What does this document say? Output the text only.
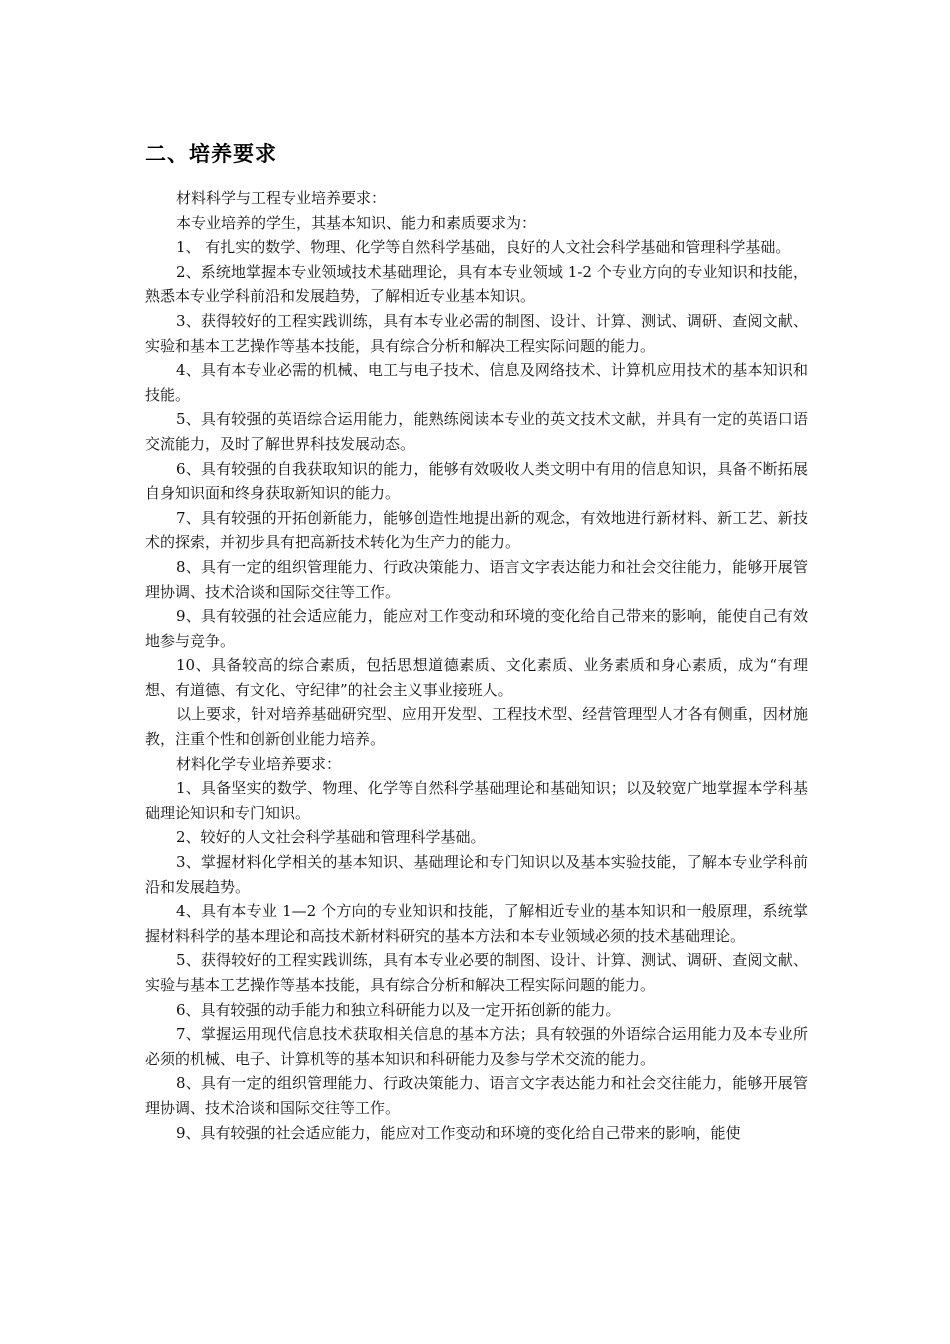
二、培养要求

材料科学与工程专业培养要求：

本专业培养的学生，其基本知识、能力和素质要求为：

1、 有扎实的数学、物理、化学等自然科学基础，良好的人文社会科学基础和管理科学基础。

2、系统地掌握本专业领域技术基础理论，具有本专业领域 1-2 个专业方向的专业知识和技能，熟悉本专业学科前沿和发展趋势，了解相近专业基本知识。

3、获得较好的工程实践训练，具有本专业必需的制图、设计、计算、测试、调研、查阅文献、实验和基本工艺操作等基本技能，具有综合分析和解决工程实际问题的能力。

4、具有本专业必需的机械、电工与电子技术、信息及网络技术、计算机应用技术的基本知识和技能。

5、具有较强的英语综合运用能力，能熟练阅读本专业的英文技术文献，并具有一定的英语口语交流能力，及时了解世界科技发展动态。

6、具有较强的自我获取知识的能力，能够有效吸收人类文明中有用的信息知识，具备不断拓展自身知识面和终身获取新知识的能力。

7、具有较强的开拓创新能力，能够创造性地提出新的观念，有效地进行新材料、新工艺、新技术的探索，并初步具有把高新技术转化为生产力的能力。

8、具有一定的组织管理能力、行政决策能力、语言文字表达能力和社会交往能力，能够开展管理协调、技术洽谈和国际交往等工作。

9、具有较强的社会适应能力，能应对工作变动和环境的变化给自己带来的影响，能使自己有效地参与竞争。

10、具备较高的综合素质，包括思想道德素质、文化素质、业务素质和身心素质，成为“有理想、有道德、有文化、守纪律”的社会主义事业接班人。

以上要求，针对培养基础研究型、应用开发型、工程技术型、经营管理型人才各有侧重，因材施教，注重个性和创新创业能力培养。

材料化学专业培养要求：

1、具备坚实的数学、物理、化学等自然科学基础理论和基础知识；以及较宽广地掌握本学科基础理论知识和专门知识。

2、较好的人文社会科学基础和管理科学基础。

3、掌握材料化学相关的基本知识、基础理论和专门知识以及基本实验技能，了解本专业学科前沿和发展趋势。

4、具有本专业 1—2 个方向的专业知识和技能，了解相近专业的基本知识和一般原理，系统掌握材料科学的基本理论和高技术新材料研究的基本方法和本专业领域必须的技术基础理论。

5、获得较好的工程实践训练，具有本专业必要的制图、设计、计算、测试、调研、查阅文献、实验与基本工艺操作等基本技能，具有综合分析和解决工程实际问题的能力。

6、具有较强的动手能力和独立科研能力以及一定开拓创新的能力。

7、掌握运用现代信息技术获取相关信息的基本方法；具有较强的外语综合运用能力及本专业所必须的机械、电子、计算机等的基本知识和科研能力及参与学术交流的能力。

8、具有一定的组织管理能力、行政决策能力、语言文字表达能力和社会交往能力，能够开展管理协调、技术洽谈和国际交往等工作。

9、具有较强的社会适应能力，能应对工作变动和环境的变化给自己带来的影响，能使
